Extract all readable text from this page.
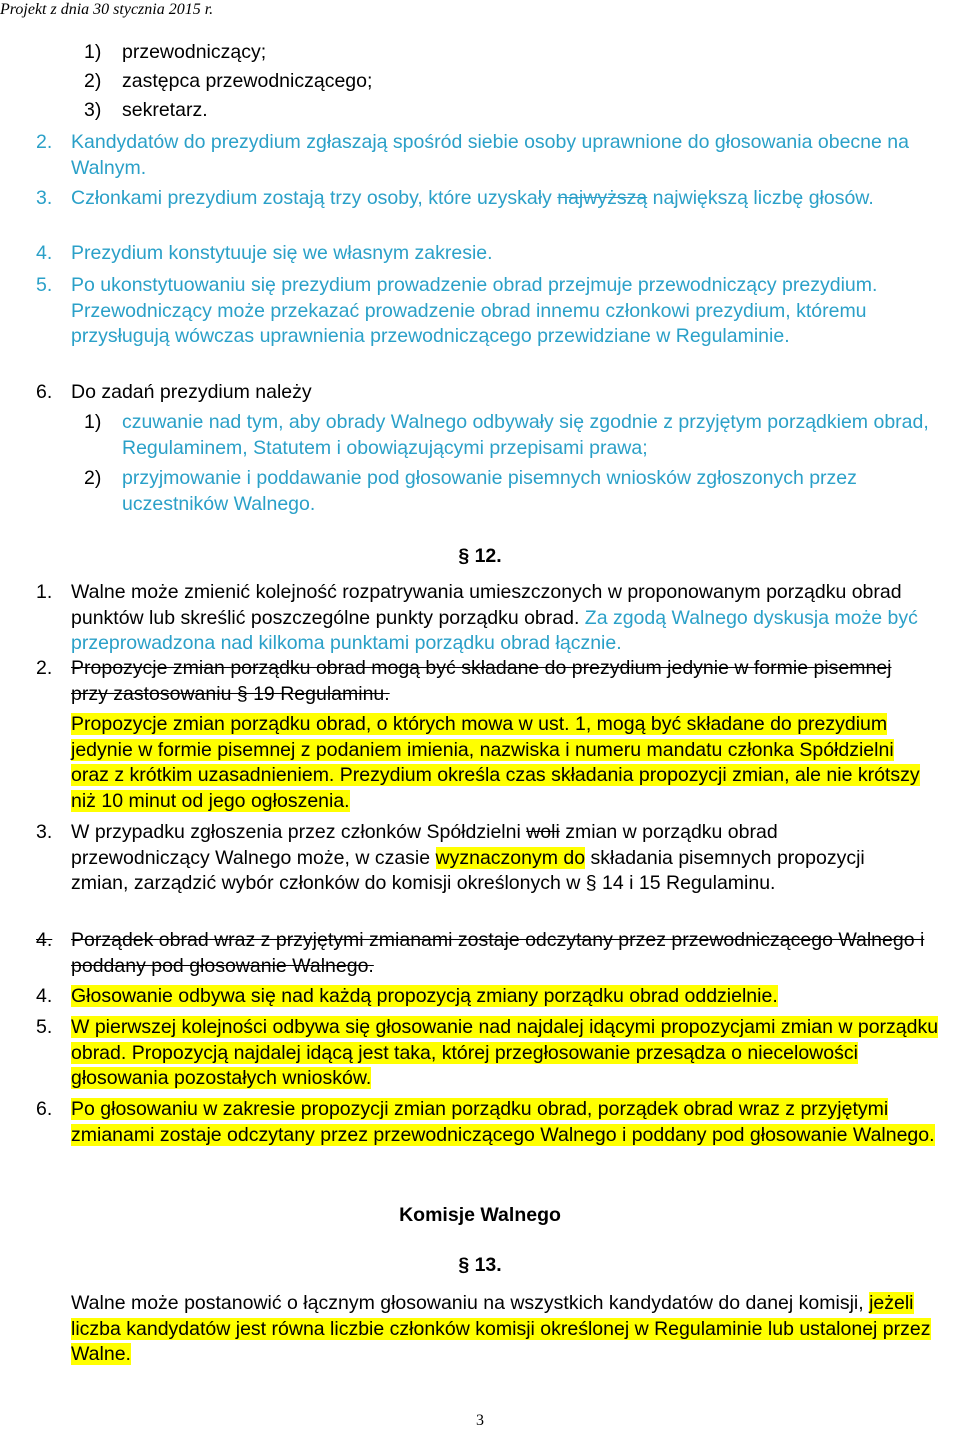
Projekt z dnia 30 stycznia 2015 r.
1) przewodniczący;
2) zastępca przewodniczącego;
3) sekretarz.
2. Kandydatów do prezydium zgłaszają spośród siebie osoby uprawnione do głosowania obecne na Walnym.
3. Członkami prezydium zostają trzy osoby, które uzyskały najwyższą największą liczbę głosów.
4. Prezydium konstytuuje się we własnym zakresie.
5. Po ukonstytuowaniu się prezydium prowadzenie obrad przejmuje przewodniczący prezydium. Przewodniczący może przekazać prowadzenie obrad innemu członkowi prezydium, któremu przysługują wówczas uprawnienia przewodniczącego przewidziane w Regulaminie.
6. Do zadań prezydium należy
1) czuwanie nad tym, aby obrady Walnego odbywały się zgodnie z przyjętym porządkiem obrad, Regulaminem, Statutem i obowiązującymi przepisami prawa;
2) przyjmowanie i poddawanie pod głosowanie pisemnych wniosków zgłoszonych przez uczestników Walnego.
§ 12.
1. Walne może zmienić kolejność rozpatrywania umieszczonych w proponowanym porządku obrad punktów lub skreślić poszczególne punkty porządku obrad. Za zgodą Walnego dyskusja może być przeprowadzona nad kilkoma punktami porządku obrad łącznie.
2. Propozycje zmian porządku obrad mogą być składane do prezydium jedynie w formie pisemnej przy zastosowaniu § 19 Regulaminu.
Propozycje zmian porządku obrad, o których mowa w ust. 1, mogą być składane do prezydium jedynie w formie pisemnej z podaniem imienia, nazwiska i numeru mandatu członka Spółdzielni oraz z krótkim uzasadnieniem. Prezydium określa czas składania propozycji zmian, ale nie krótszy niż 10 minut od jego ogłoszenia.
3. W przypadku zgłoszenia przez członków Spółdzielni woli zmian w porządku obrad przewodniczący Walnego może, w czasie wyznaczonym do składania pisemnych propozycji zmian, zarządzić wybór członków do komisji określonych w § 14 i 15 Regulaminu.
4. Porządek obrad wraz z przyjętymi zmianami zostaje odczytany przez przewodniczącego Walnego i poddany pod głosowanie Walnego.
4. Głosowanie odbywa się nad każdą propozycją zmiany porządku obrad oddzielnie.
5. W pierwszej kolejności odbywa się głosowanie nad najdalej idącymi propozycjami zmian w porządku obrad. Propozycją najdalej idącą jest taka, której przegłosowanie przesądza o niecelowości głosowania pozostałych wniosków.
6. Po głosowaniu w zakresie propozycji zmian porządku obrad, porządek obrad wraz z przyjętymi zmianami zostaje odczytany przez przewodniczącego Walnego i poddany pod głosowanie Walnego.
Komisje Walnego
§ 13.
Walne może postanowić o łącznym głosowaniu na wszystkich kandydatów do danej komisji, jeżeli liczba kandydatów jest równa liczbie członków komisji określonej w Regulaminie lub ustalonej przez Walne.
3
